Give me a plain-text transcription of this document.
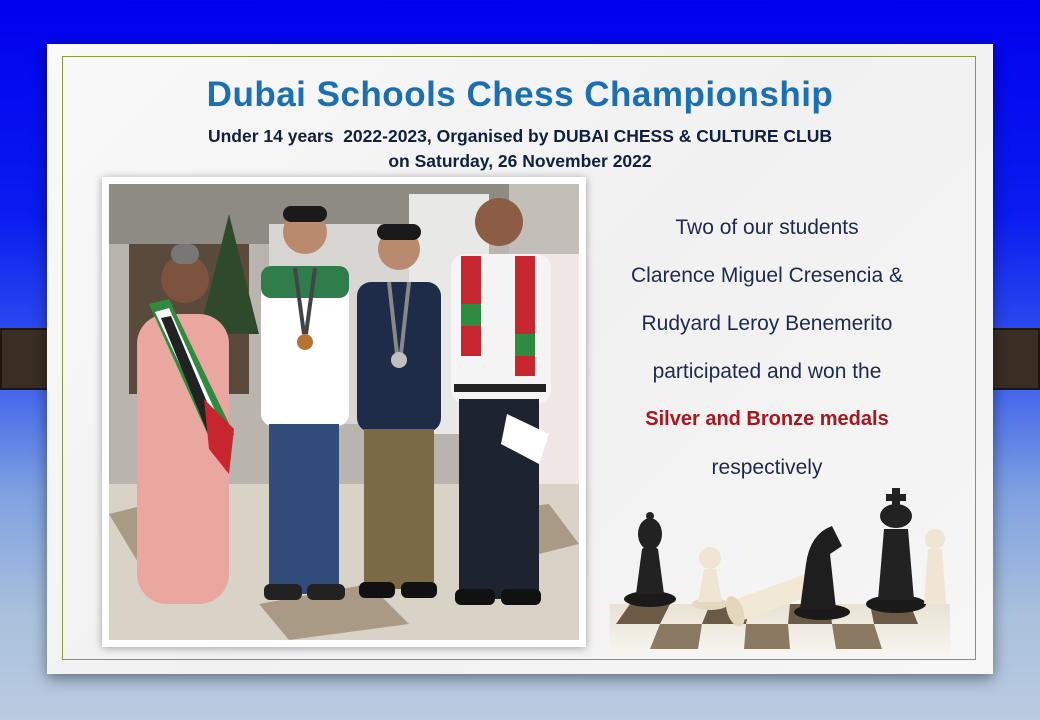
Dubai Schools Chess Championship
Under 14 years  2022-2023, Organised by DUBAI CHESS & CULTURE CLUB
on Saturday, 26 November 2022
Two of our students
Clarence Miguel Cresencia &
Rudyard Leroy Benemerito
participated and won the
Silver and Bronze medals
respectively
